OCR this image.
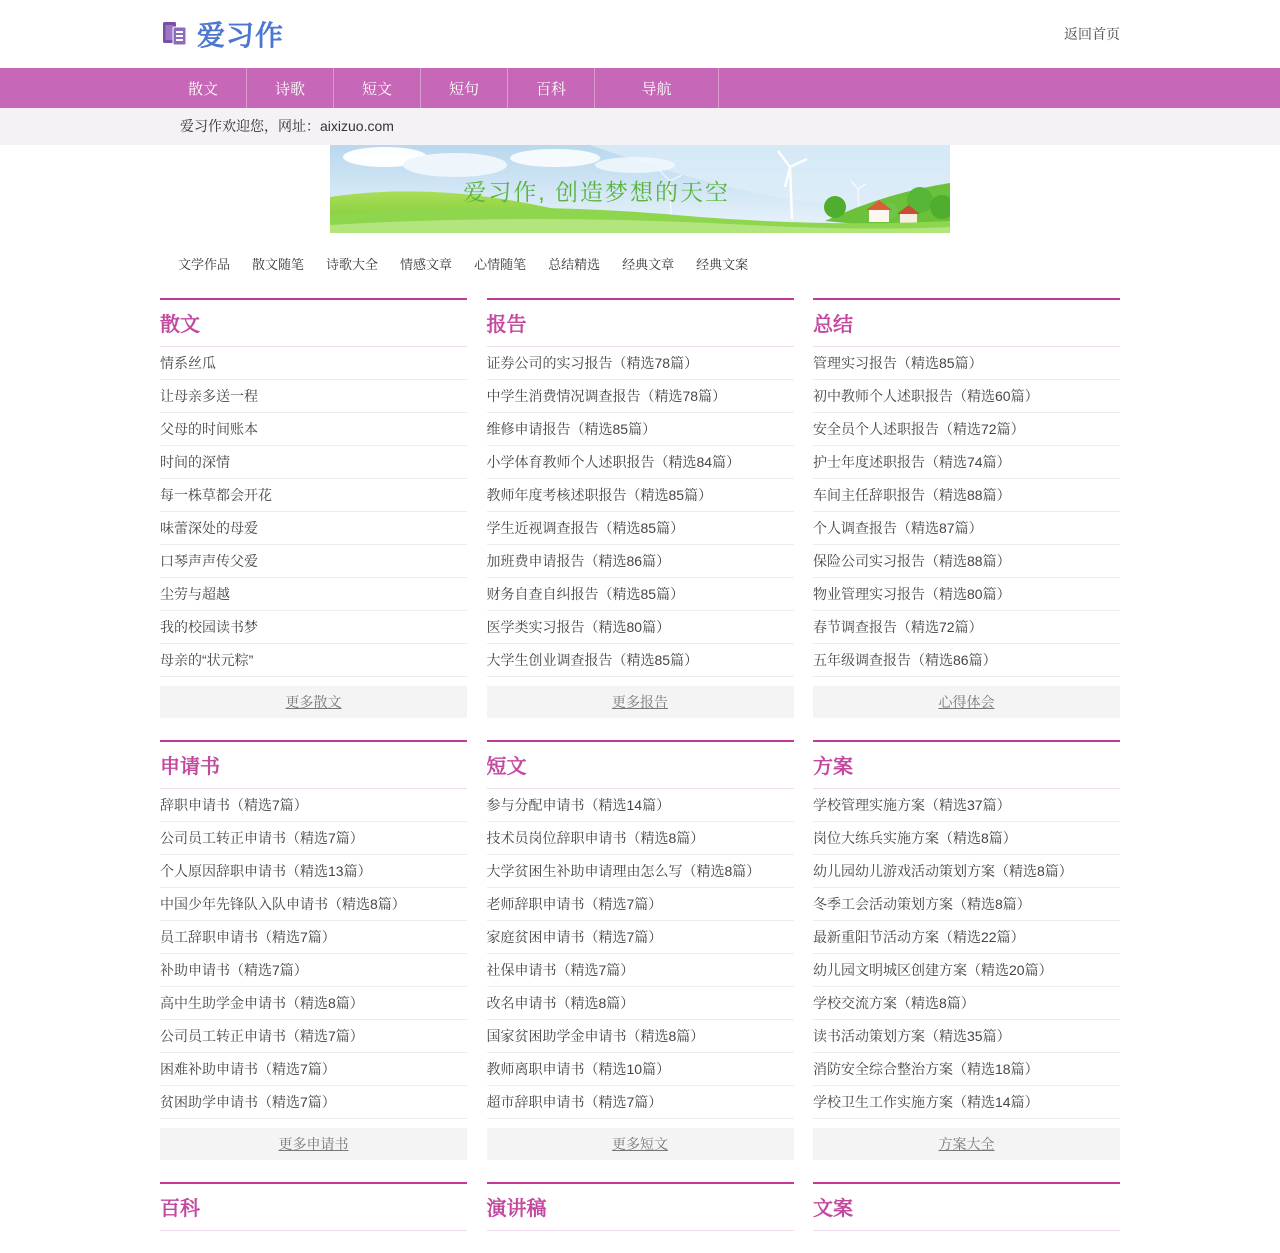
爱习作	返回首页
散文	诗歌	短文	短句	百科	导航
爱习作欢迎您，网址：aixizuo.com
爱习作, 创造梦想的天空
文学作品 散文随笔 诗歌大全 情感文章 心情随笔 总结精选 经典文章 经典文案
散文
情系丝瓜
让母亲多送一程
父母的时间账本
时间的深情
每一株草都会开花
味蕾深处的母爱
口琴声声传父爱
尘劳与超越
我的校园读书梦
母亲的“状元粽”
更多散文
报告
证券公司的实习报告（精选78篇）
中学生消费情况调查报告（精选78篇）
维修申请报告（精选85篇）
小学体育教师个人述职报告（精选84篇）
教师年度考核述职报告（精选85篇）
学生近视调查报告（精选85篇）
加班费申请报告（精选86篇）
财务自查自纠报告（精选85篇）
医学类实习报告（精选80篇）
大学生创业调查报告（精选85篇）
更多报告
总结
管理实习报告（精选85篇）
初中教师个人述职报告（精选60篇）
安全员个人述职报告（精选72篇）
护士年度述职报告（精选74篇）
车间主任辞职报告（精选88篇）
个人调查报告（精选87篇）
保险公司实习报告（精选88篇）
物业管理实习报告（精选80篇）
春节调查报告（精选72篇）
五年级调查报告（精选86篇）
心得体会
申请书
辞职申请书（精选7篇）
公司员工转正申请书（精选7篇）
个人原因辞职申请书（精选13篇）
中国少年先锋队入队申请书（精选8篇）
员工辞职申请书（精选7篇）
补助申请书（精选7篇）
高中生助学金申请书（精选8篇）
公司员工转正申请书（精选7篇）
困难补助申请书（精选7篇）
贫困助学申请书（精选7篇）
更多申请书
短文
参与分配申请书（精选14篇）
技术员岗位辞职申请书（精选8篇）
大学贫困生补助申请理由怎么写（精选8篇）
老师辞职申请书（精选7篇）
家庭贫困申请书（精选7篇）
社保申请书（精选7篇）
改名申请书（精选8篇）
国家贫困助学金申请书（精选8篇）
教师离职申请书（精选10篇）
超市辞职申请书（精选7篇）
更多短文
方案
学校管理实施方案（精选37篇）
岗位大练兵实施方案（精选8篇）
幼儿园幼儿游戏活动策划方案（精选8篇）
冬季工会活动策划方案（精选8篇）
最新重阳节活动方案（精选22篇）
幼儿园文明城区创建方案（精选20篇）
学校交流方案（精选8篇）
读书活动策划方案（精选35篇）
消防安全综合整治方案（精选18篇）
学校卫生工作实施方案（精选14篇）
方案大全
百科	演讲稿	文案
